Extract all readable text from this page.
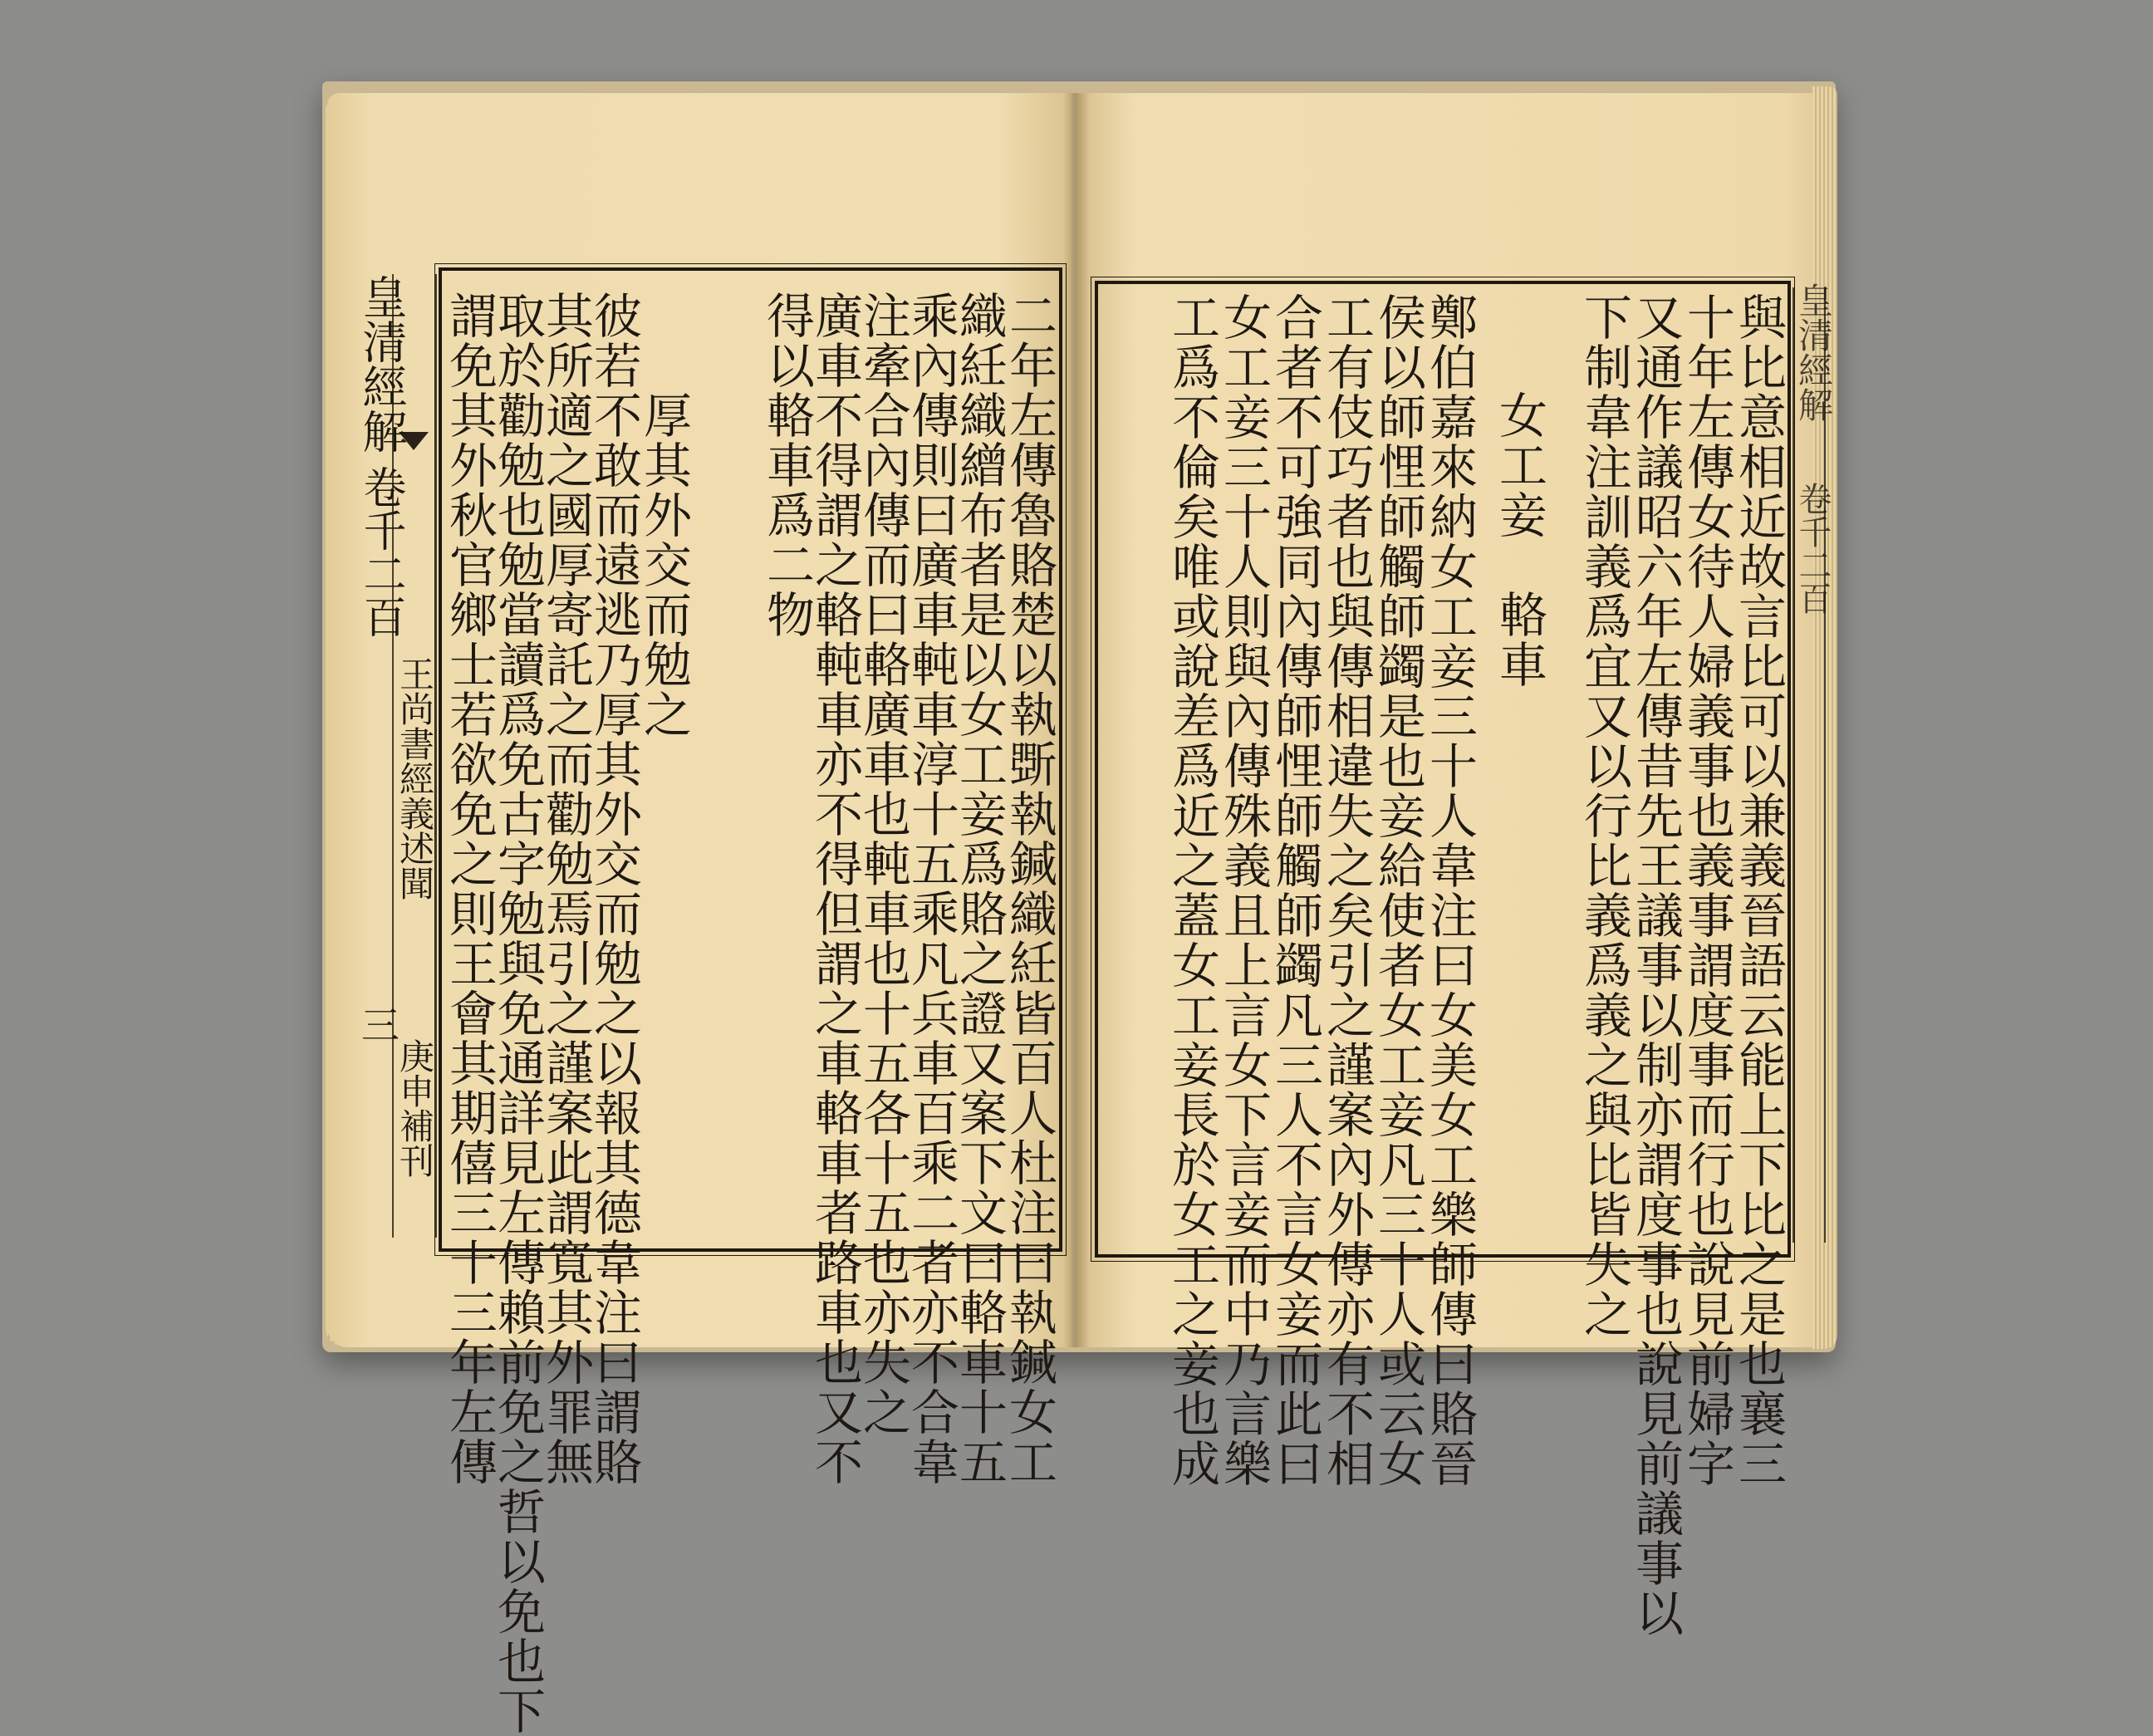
皇清經解
卷千二百
王尚書經義述聞
三
庚申補刊	二年左傳魯賂楚以執斲執鍼織紝皆百人杜注曰執鍼女工
織紝織繒布者是以女工妾爲賂之證又案下文曰輅車十五
乘內傳則曰廣車軘車淳十五乘凡兵車百乘二者亦不合韋
注牽合內傳而曰輅廣車也軘車也十五各十五也亦失之
廣車不得謂之輅軘車亦不得但謂之車輅車者路車也又不
得以輅車爲二物
厚其外交而勉之
彼若不敢而遠逃乃厚其外交而勉之以報其德韋注曰謂賂
其所適之國厚寄託之而勸勉焉引之謹案此謂寬其外罪無
取於勸勉也勉當讀爲免古字勉與免通詳見左傳賴前免之哲以免也下
謂免其外秋官鄉士若欲免之則王會其期僖三十三年左傳	皇清經解
卷千二百
與比意相近故言比可以兼義晉語云能上下比之是也襄三
十年左傳女待人婦義事也義事謂度事而行也說見前婦字
又通作議昭六年左傳昔先王議事以制亦謂度事也說見前議事以
下制韋注訓義爲宜又以行比義爲義之與比皆失之
女工妾　輅車
鄭伯嘉來納女工妾三十人韋注曰女美女工樂師傳曰賂晉
侯以師悝師觸師蠲是也妾給使者女工妾凡三十人或云女
工有伎巧者也與傳相違失之矣引之謹案內外傳亦有不相
合者不可強同內傳師悝師觸師蠲凡三人不言女妾而此曰
女工妾三十人則與內傳殊義且上言女下言妾而中乃言樂
工爲不倫矣唯或說差爲近之蓋女工妾長於女工之妾也成
